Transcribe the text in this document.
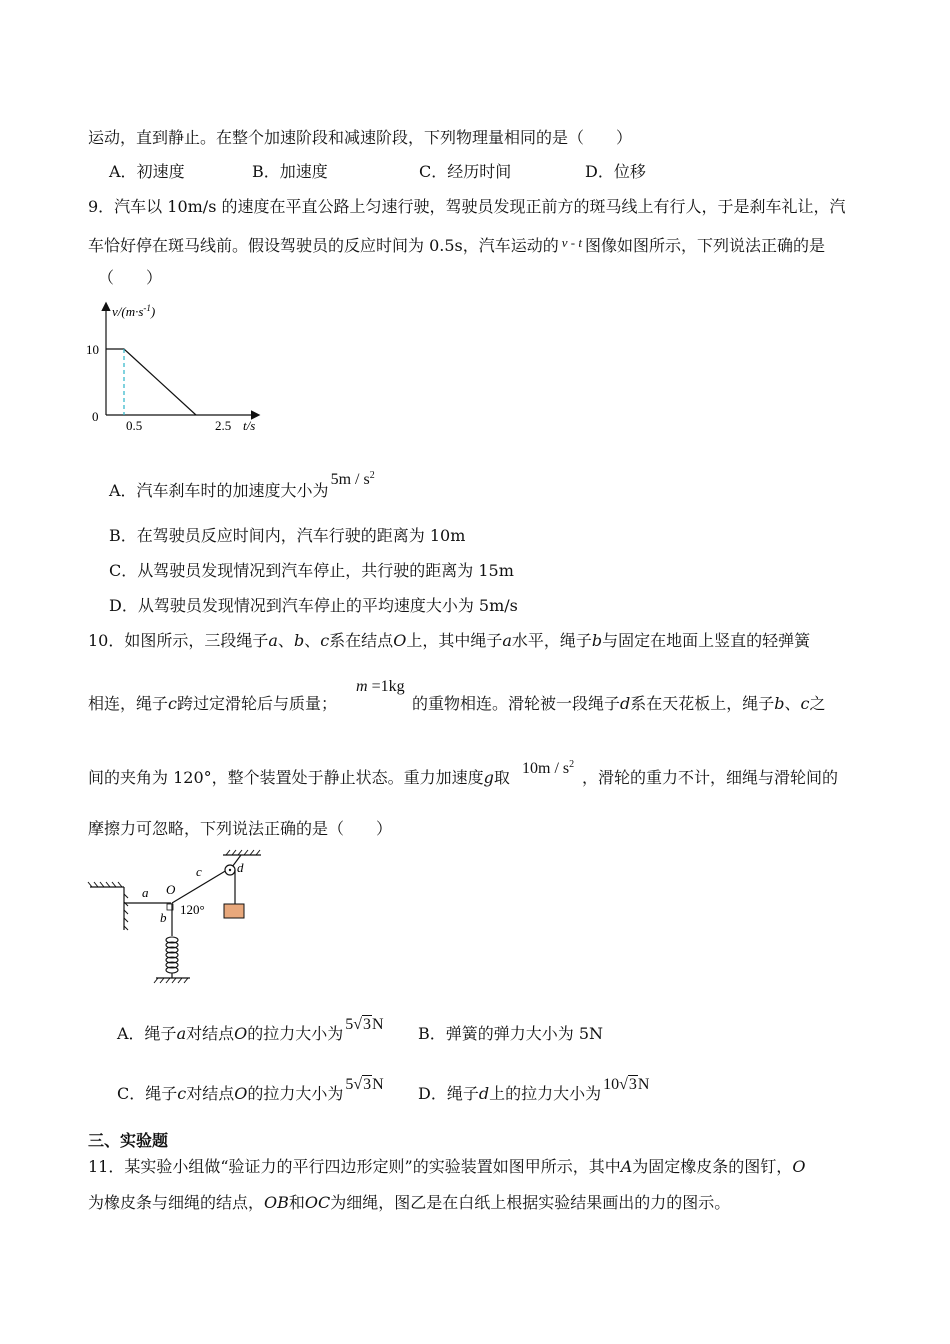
运动，直到静止。在整个加速阶段和减速阶段，下列物理量相同的是（　　）
A．初速度	B．加速度	C．经历时间	D．位移
9．汽车以 10m/s 的速度在平直公路上匀速行驶，驾驶员发现正前方的斑马线上有行人，于是刹车礼让，汽
车恰好停在斑马线前。假设驾驶员的反应时间为 0.5s，汽车运动的 $^{v - t}$ 图像如图所示，下列说法正确的是
（　　）
$v/(m\cdot s^{-1})$
10
0
0.5	2.5 t/s
A．汽车刹车时的加速度大小为$5m / s^2$
B．在驾驶员反应时间内，汽车行驶的距离为 10m
C．从驾驶员发现情况到汽车停止，共行驶的距离为 15m
D．从驾驶员发现情况到汽车停止的平均速度大小为 5m/s
10．如图所示，三段绳子a、b、c系在结点O上，其中绳子a水平，绳子b与固定在地面上竖直的轻弹簧
m =1kg
相连，绳子c跨过定滑轮后与质量；	的重物相连。滑轮被一段绳子d系在天花板上，绳子b、c之
$10m / s^2$
间的夹角为 120°，整个装置处于静止状态。重力加速度g取	，滑轮的重力不计，细绳与滑轮间的
摩擦力可忽略，下列说法正确的是（　　）
a O
c	d
120°
b
A．绳子a对结点O的拉力大小为 5√3N B．弹簧的弹力大小为 5N
C．绳子c对结点O的拉力大小为 5√3N D．绳子d上的拉力大小为 10√3N
三、实验题
11．某实验小组做“验证力的平行四边形定则”的实验装置如图甲所示，其中A为固定橡皮条的图钉，O
为橡皮条与细绳的结点，OB和OC为细绳，图乙是在白纸上根据实验结果画出的力的图示。
